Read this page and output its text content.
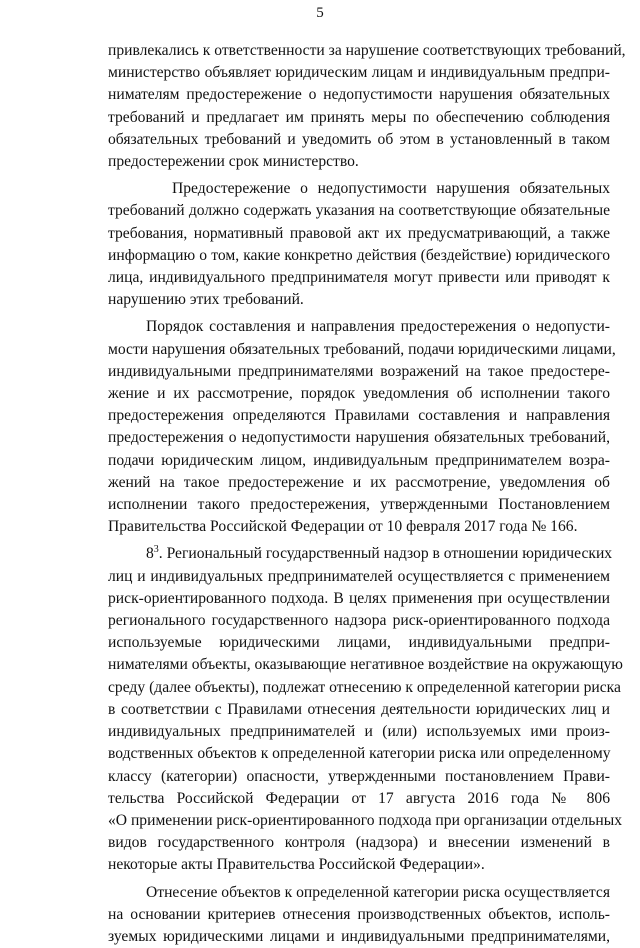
5
привлекались к ответственности за нарушение соответствующих требований,
министерство объявляет юридическим лицам и индивидуальным предпри-
нимателям предостережение о недопустимости нарушения обязательных
требований и предлагает им принять меры по обеспечению соблюдения
обязательных требований и уведомить об этом в установленный в таком
предостережении срок министерство.
Предостережение о недопустимости нарушения обязательных
требований должно содержать указания на соответствующие обязательные
требования, нормативный правовой акт их предусматривающий, а также
информацию о том, какие конкретно действия (бездействие) юридического
лица, индивидуального предпринимателя могут привести или приводят к
нарушению этих требований.
Порядок составления и направления предостережения о недопусти-
мости нарушения обязательных требований, подачи юридическими лицами,
индивидуальными предпринимателями возражений на такое предостере-
жение и их рассмотрение, порядок уведомления об исполнении такого
предостережения определяются Правилами составления и направления
предостережения о недопустимости нарушения обязательных требований,
подачи юридическим лицом, индивидуальным предпринимателем возра-
жений на такое предостережение и их рассмотрение, уведомления об
исполнении такого предостережения, утвержденными Постановлением
Правительства Российской Федерации от 10 февраля 2017 года № 166.
$8^3$. Региональный государственный надзор в отношении юридических
лиц и индивидуальных предпринимателей осуществляется с применением
риск-ориентированного подхода. В целях применения при осуществлении
регионального государственного надзора риск-ориентированного подхода
используемые юридическими лицами, индивидуальными предпри-
нимателями объекты, оказывающие негативное воздействие на окружающую
среду (далее объекты), подлежат отнесению к определенной категории риска
в соответствии с Правилами отнесения деятельности юридических лиц и
индивидуальных предпринимателей и (или) используемых ими произ-
водственных объектов к определенной категории риска или определенному
классу (категории) опасности, утвержденными постановлением Прави-
тельства Российской Федерации от 17 августа 2016 года № 806
«О применении риск-ориентированного подхода при организации отдельных
видов государственного контроля (надзора) и внесении изменений в
некоторые акты Правительства Российской Федерации».
Отнесение объектов к определенной категории риска осуществляется
на основании критериев отнесения производственных объектов, исполь-
зуемых юридическими лицами и индивидуальными предпринимателями,
